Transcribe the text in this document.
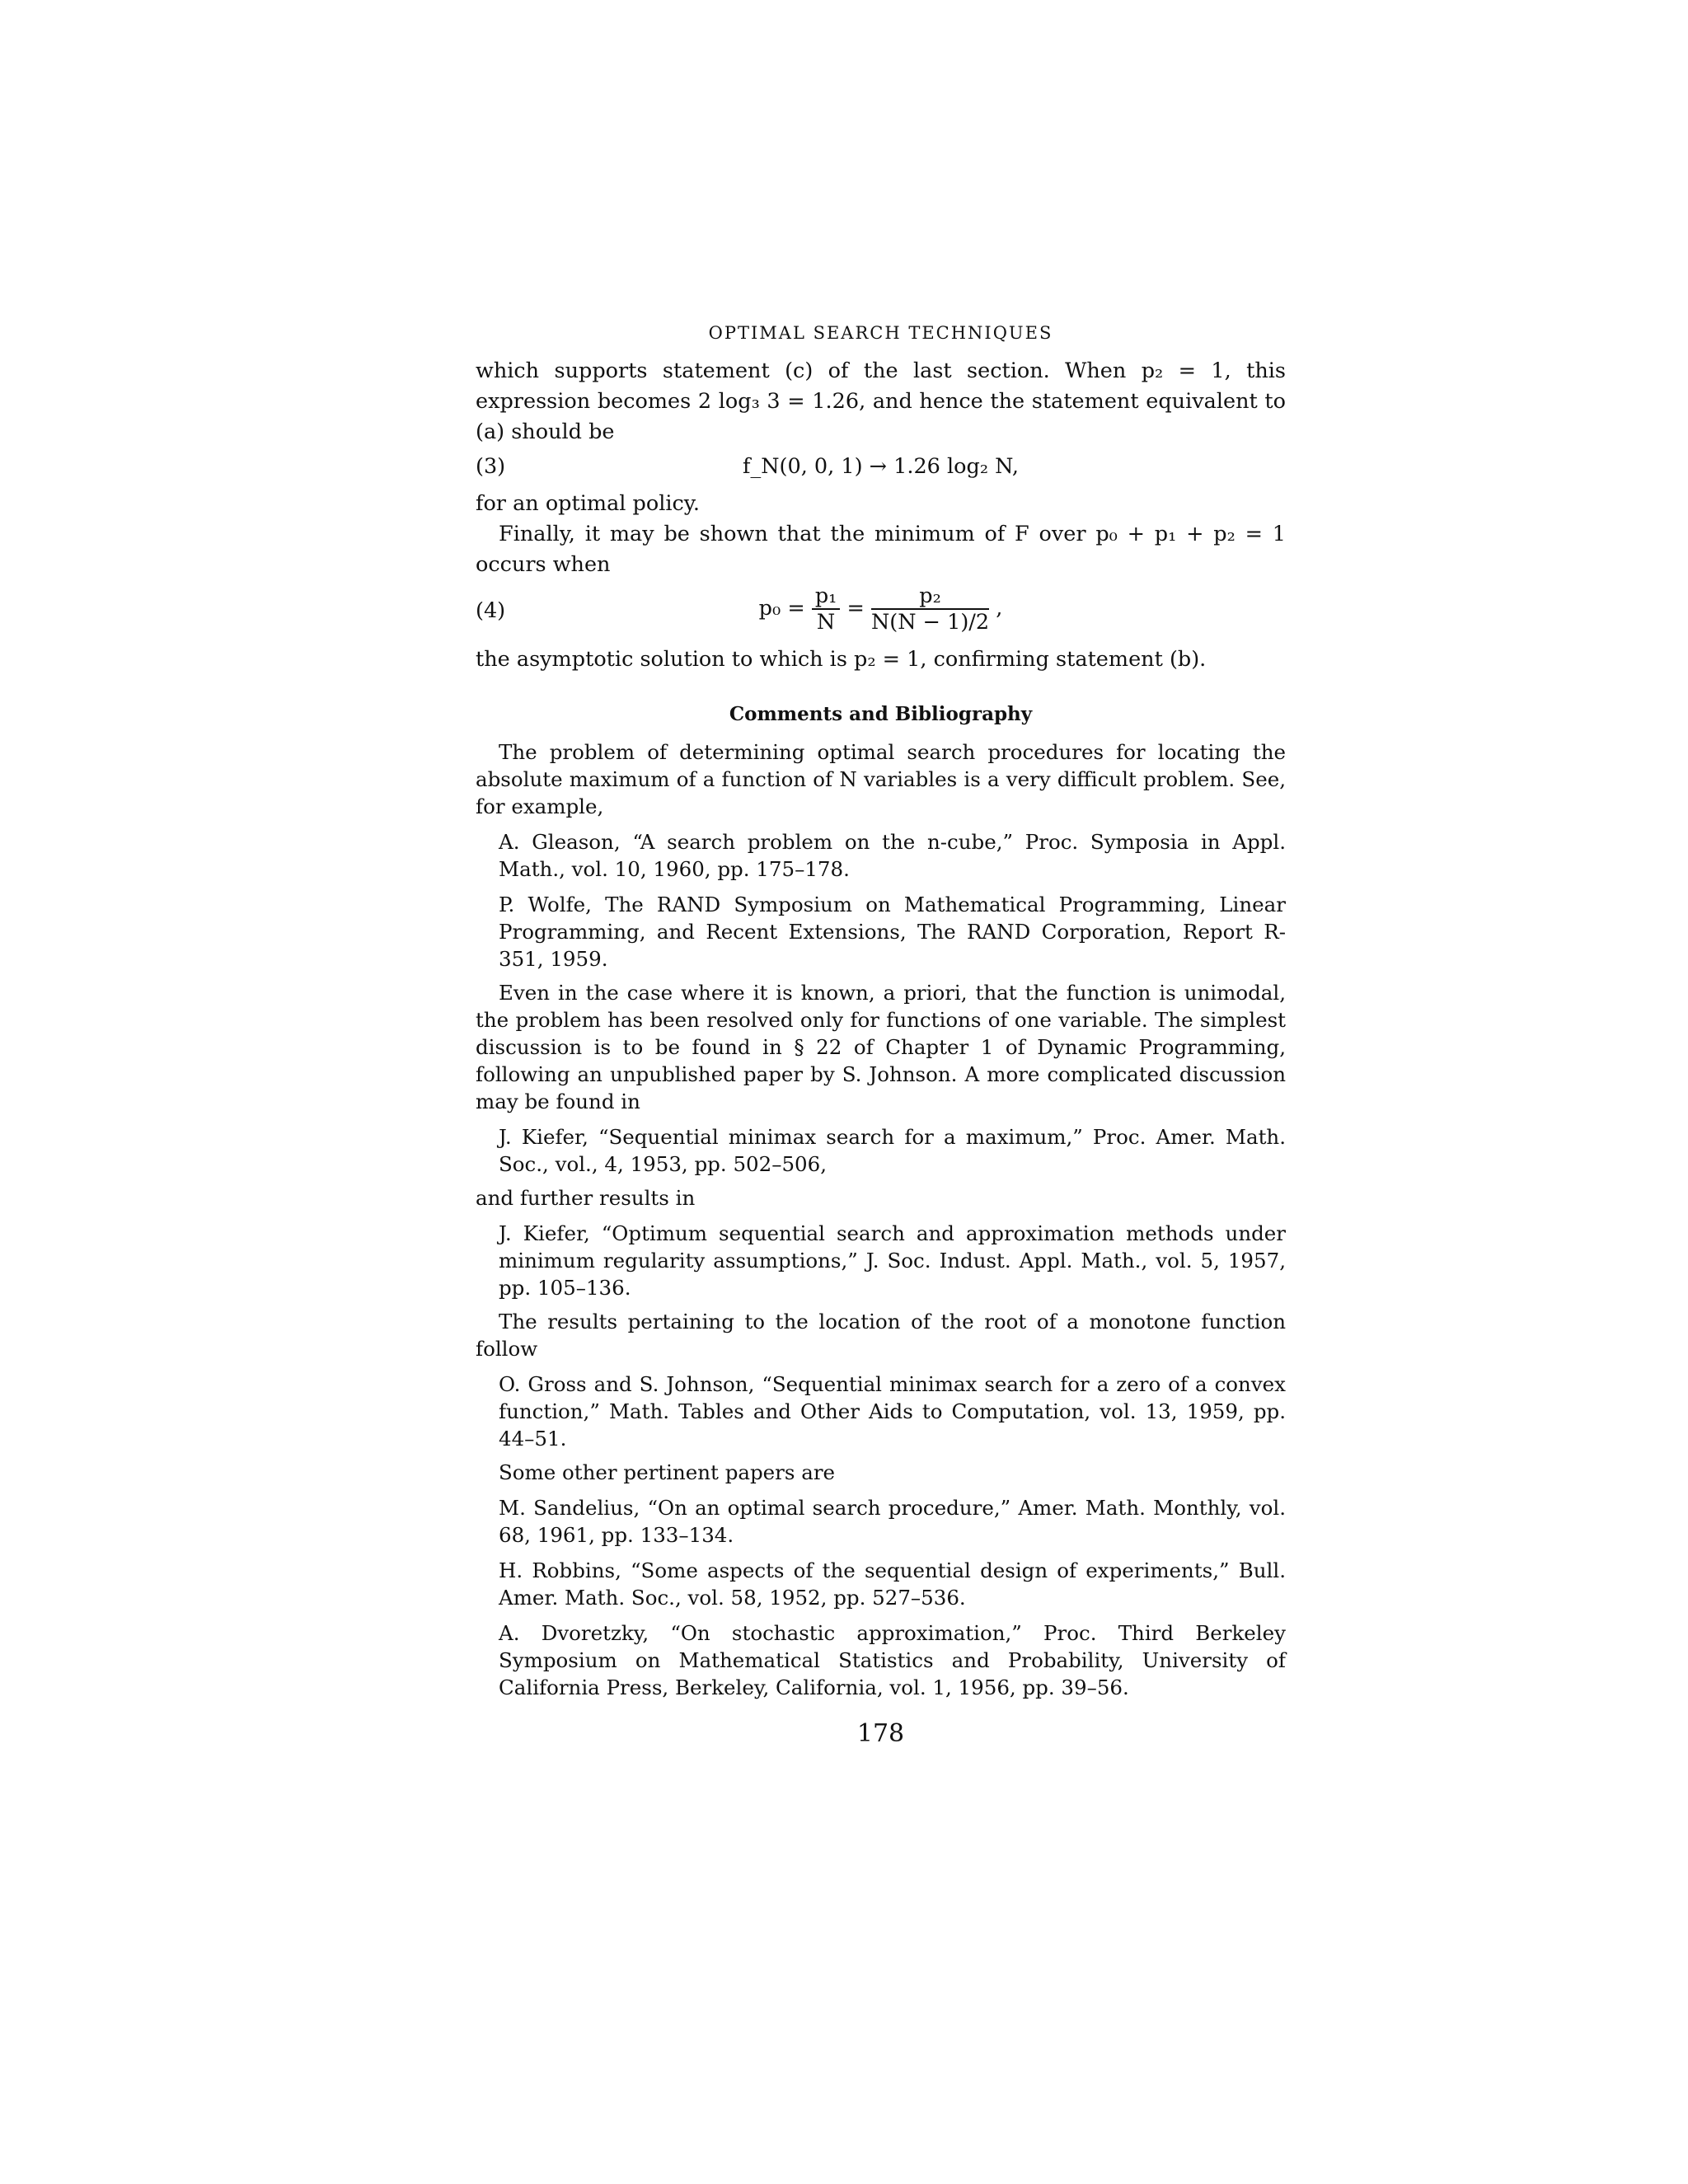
OPTIMAL SEARCH TECHNIQUES

which supports statement (c) of the last section. When p₂ = 1, this expression becomes 2 log₃ 3 = 1.26, and hence the statement equivalent to (a) should be

(3)	f_N(0, 0, 1) → 1.26 log₂ N,

for an optimal policy.

Finally, it may be shown that the minimum of F over p₀ + p₁ + p₂ = 1 occurs when

(4)	$p_0 = \frac{\text{p₁}}{N} = \frac{\text{p₂}}{N(N - 1)/2}$ ,

the asymptotic solution to which is p₂ = 1, confirming statement (b).

Comments and Bibliography

The problem of determining optimal search procedures for locating the absolute maximum of a function of N variables is a very difficult problem. See, for example,

A. Gleason, “A search problem on the n-cube,” Proc. Symposia in Appl. Math., vol. 10, 1960, pp. 175–178.
P. Wolfe, The RAND Symposium on Mathematical Programming, Linear Programming, and Recent Extensions, The RAND Corporation, Report R-351, 1959.

Even in the case where it is known, a priori, that the function is unimodal, the problem has been resolved only for functions of one variable. The simplest discussion is to be found in § 22 of Chapter 1 of Dynamic Programming, following an unpublished paper by S. Johnson. A more complicated discussion may be found in

J. Kiefer, “Sequential minimax search for a maximum,” Proc. Amer. Math. Soc., vol., 4, 1953, pp. 502–506,

and further results in

J. Kiefer, “Optimum sequential search and approximation methods under minimum regularity assumptions,” J. Soc. Indust. Appl. Math., vol. 5, 1957, pp. 105–136.

The results pertaining to the location of the root of a monotone function follow

O. Gross and S. Johnson, “Sequential minimax search for a zero of a convex function,” Math. Tables and Other Aids to Computation, vol. 13, 1959, pp. 44–51.

Some other pertinent papers are

M. Sandelius, “On an optimal search procedure,” Amer. Math. Monthly, vol. 68, 1961, pp. 133–134.
H. Robbins, “Some aspects of the sequential design of experiments,” Bull. Amer. Math. Soc., vol. 58, 1952, pp. 527–536.
A. Dvoretzky, “On stochastic approximation,” Proc. Third Berkeley Symposium on Mathematical Statistics and Probability, University of California Press, Berkeley, California, vol. 1, 1956, pp. 39–56.
178
